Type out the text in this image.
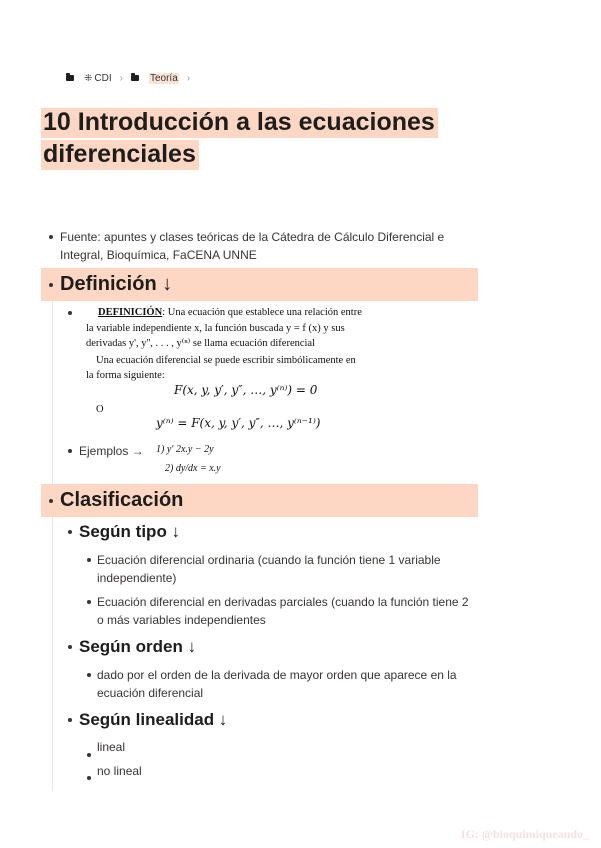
⁜ CDI ›	Teoría ›
10 Introducción a las ecuaciones diferenciales
Fuente: apuntes y clases teóricas de la Cátedra de Cálculo Diferencial e Integral, Bioquímica, FaCENA UNNE
Definición ↓
DEFINICIÓN: Una ecuación que establece una relación entre
la variable independiente x, la función buscada y = f (x) y sus
derivadas y', y'', . . . , y⁽ⁿ⁾ se llama ecuación diferencial
Una ecuación diferencial se puede escribir simbólicamente en
la forma siguiente:
F(x, y, y′, y″, …, y⁽ⁿ⁾) = 0
O
y⁽ⁿ⁾ = F(x, y, y′, y″, …, y⁽ⁿ⁻¹⁾)
Ejemplos → 1) y′ 2x.y − 2y
2) dy/dx = x.y
Clasificación
Según tipo ↓
Ecuación diferencial ordinaria (cuando la función tiene 1 variable independiente)
Ecuación diferencial en derivadas parciales (cuando la función tiene 2 o más variables independientes
Según orden ↓
dado por el orden de la derivada de mayor orden que aparece en la ecuación diferencial
Según linealidad ↓
lineal
no lineal
IG: @bioquimiqueando_
